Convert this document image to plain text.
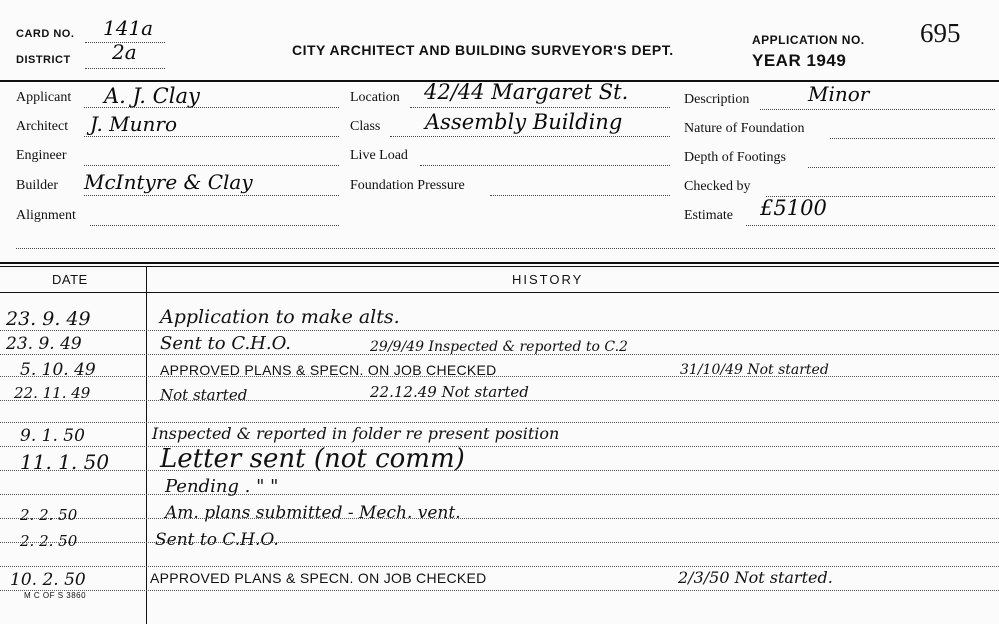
CARD NO. 141a
DISTRICT 2a	CITY ARCHITECT AND BUILDING SURVEYOR'S DEPT.
APPLICATION NO. 695
YEAR 1949
Applicant A. J. Clay
Architect J. Munro
Engineer
Builder McIntyre & Clay
Alignment
Location 42/44 Margaret St.
Class Assembly Building
Live Load
Foundation Pressure
Description	Minor
Nature of Foundation
Depth of Footings
Checked by
Estimate £5100
DATE	HISTORY
23. 9. 49	Application to make alts.
23. 9. 49	Sent to C.H.O.	29/9/49 Inspected & reported to C.2
5. 10. 49	APPROVED PLANS & SPECN. ON JOB CHECKED	31/10/49 Not started
22. 11. 49	Not started	22.12.49 Not started
9. 1. 50	Inspected & reported in folder re present position
11. 1. 50 Letter sent (not comm)
Pending . " "
2. 2. 50	Am. plans submitted - Mech. vent.
2. 2. 50	Sent to C.H.O.
10. 2. 50	APPROVED PLANS & SPECN. ON JOB CHECKED	2/3/50 Not started.
M C OF S 3860
